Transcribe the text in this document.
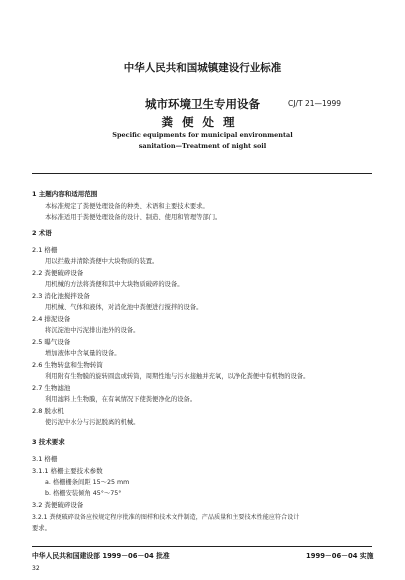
中华人民共和国城镇建设行业标准
城市环境卫生专用设备
粪便处理
CJ/T 21—1999
Specific equipments for municipal environmental
sanitation—Treatment of night soil
1 主题内容和适用范围
本标准规定了粪便处理设备的种类、术语和主要技术要求。
本标准适用于粪便处理设备的设计、制造、使用和管理等部门。
2 术语
2.1 格栅
用以拦截并清除粪便中大块物质的装置。
2.2 粪便破碎设备
用机械的方法将粪便和其中大块物质破碎的设备。
2.3 消化池搅拌设备
用机械、气体和液体，对消化池中粪便进行搅拌的设备。
2.4 排泥设备
将沉淀池中污泥排出池外的设备。
2.5 曝气设备
增加液体中含氧量的设备。
2.6 生物转盘和生物转筒
利用附有生物膜的旋转圆盘或转筒，周期性地与污水接触并充氧，以净化粪便中有机物的设备。
2.7 生物滤池
利用滤料上生物膜，在有氧情况下使粪便净化的设备。
2.8 脱水机
使污泥中水分与污泥脱离的机械。
3 技术要求
3.1 格栅
3.1.1 格栅主要技术参数
a. 格栅栅条间距 15～25 mm
b. 格栅安装倾角 45°～75°
3.2 粪便破碎设备
3.2.1 粪便破碎设备应按规定程序批准的图样和技术文件制造，产品质量和主要技术性能应符合设计
要求。
中华人民共和国建设部 1999－06－04 批准	1999－06－04 实施
32
